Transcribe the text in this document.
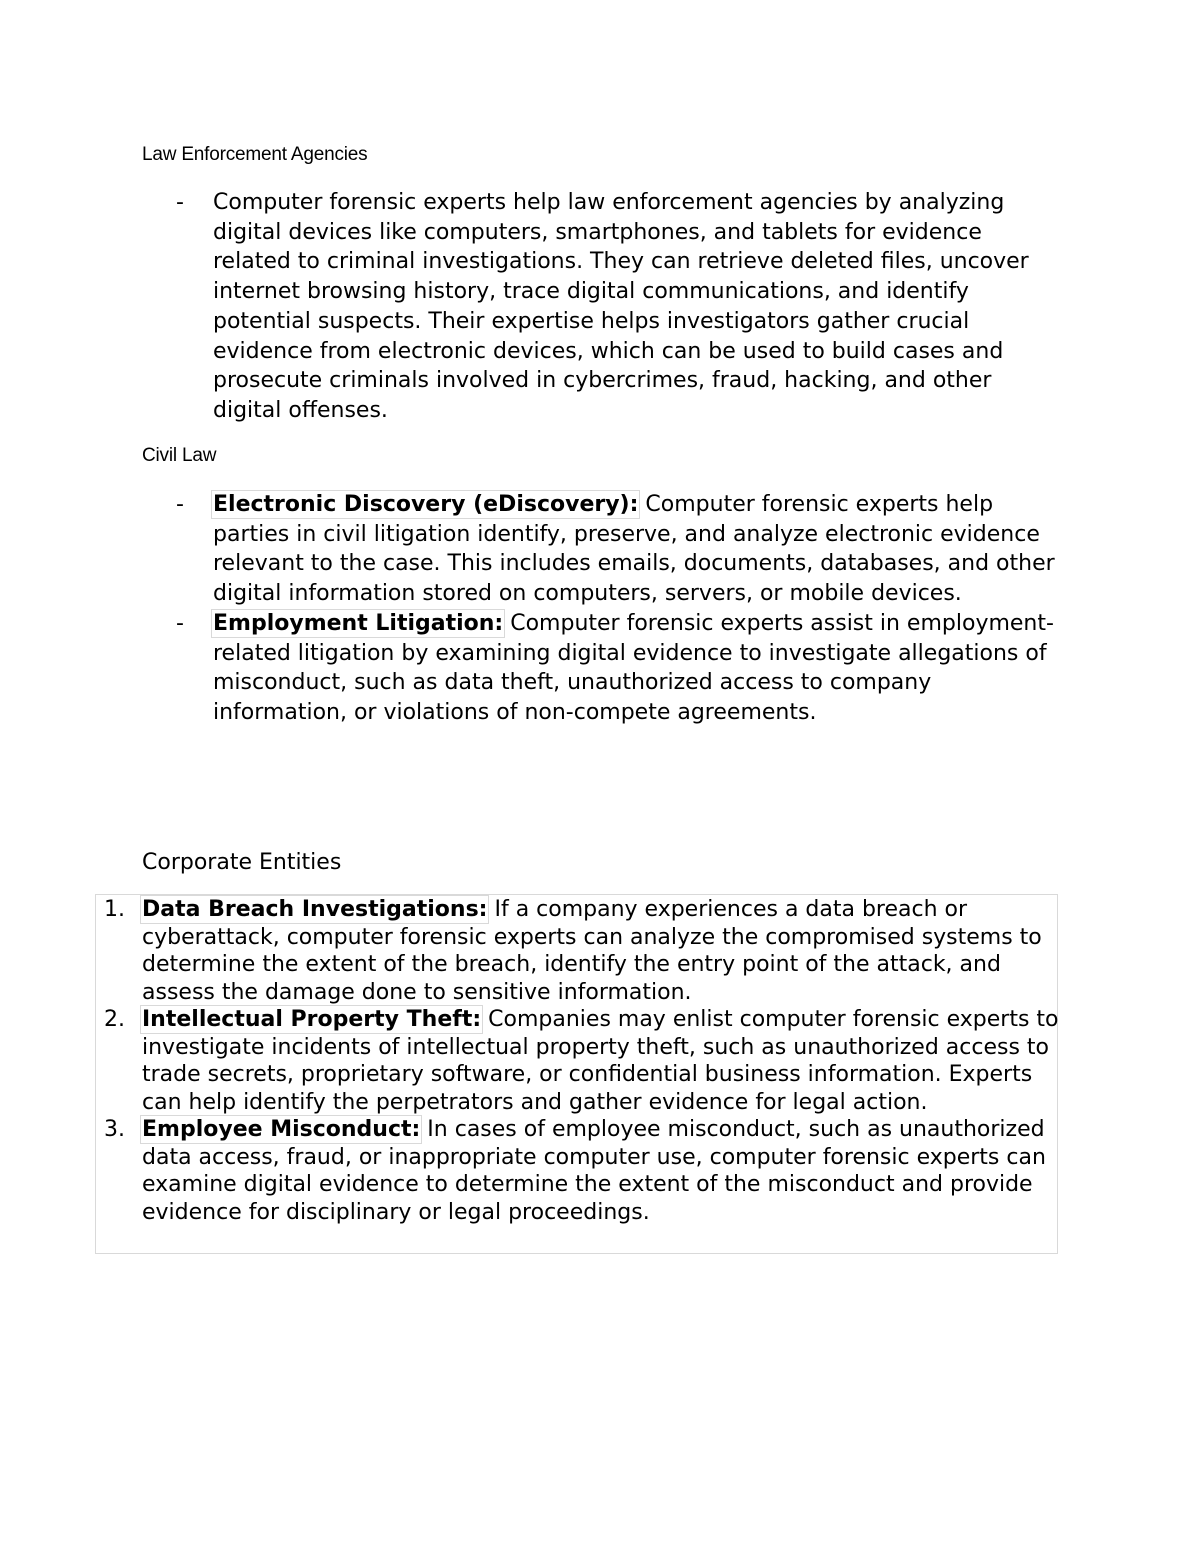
Law Enforcement Agencies
- Computer forensic experts help law enforcement agencies by analyzing digital devices like computers, smartphones, and tablets for evidence related to criminal investigations. They can retrieve deleted files, uncover internet browsing history, trace digital communications, and identify potential suspects. Their expertise helps investigators gather crucial evidence from electronic devices, which can be used to build cases and prosecute criminals involved in cybercrimes, fraud, hacking, and other digital offenses.
Civil Law
- Electronic Discovery (eDiscovery): Computer forensic experts help parties in civil litigation identify, preserve, and analyze electronic evidence relevant to the case. This includes emails, documents, databases, and other digital information stored on computers, servers, or mobile devices.
- Employment Litigation: Computer forensic experts assist in employment-related litigation by examining digital evidence to investigate allegations of misconduct, such as data theft, unauthorized access to company information, or violations of non-compete agreements.
Corporate Entities
1. Data Breach Investigations: If a company experiences a data breach or cyberattack, computer forensic experts can analyze the compromised systems to determine the extent of the breach, identify the entry point of the attack, and assess the damage done to sensitive information.
2. Intellectual Property Theft: Companies may enlist computer forensic experts to investigate incidents of intellectual property theft, such as unauthorized access to trade secrets, proprietary software, or confidential business information. Experts can help identify the perpetrators and gather evidence for legal action.
3. Employee Misconduct: In cases of employee misconduct, such as unauthorized data access, fraud, or inappropriate computer use, computer forensic experts can examine digital evidence to determine the extent of the misconduct and provide evidence for disciplinary or legal proceedings.
